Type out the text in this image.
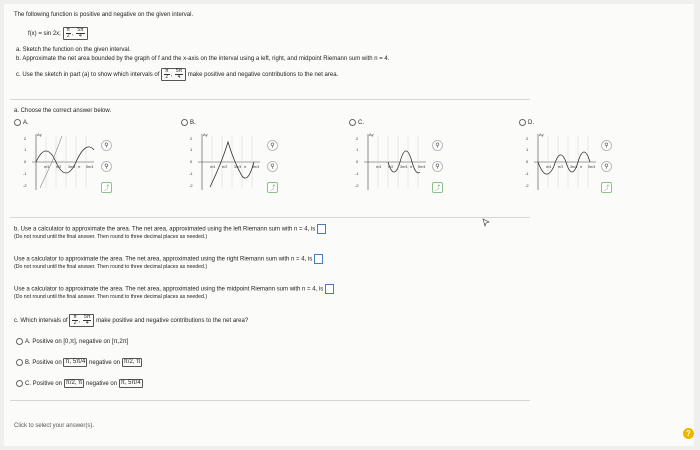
The following function is positive and negative on the given interval.
f(x) = sin 2x; $\frac{\pi}{2}$ , $\frac{5\pi}{4}$
a. Sketch the function on the given interval.
b. Approximate the net area bounded by the graph of f and the x-axis on the interval using a left, right, and midpoint Riemann sum with n = 4.
c. Use the sketch in part (a) to show which intervals of $\frac{\pi}{2}$ , $\frac{5\pi}{4}$ make positive and negative contributions to the net area.
a. Choose the correct answer below.
A.	B.	C.	D.
2
1
0
-1
-2
Ay
π/4 π/2 3π/4 π 5π/4
⚲
⚲
⤴
2
1
0
-1
-2
Ay
π/4 π/2 3π/4 π 5π/4
⚲
⚲
⤴
2
1
0
-1
-2
Ay
π/4 π/2 3π/4 π 5π/4
⚲
⚲
⤴
2
1
0
-1
-2
Ay
π/4 π/2 3π/4 π 5π/4
⚲
⚲
⤴
b. Use a calculator to approximate the area. The net area, approximated using the left Riemann sum with n = 4, is
(Do not round until the final answer. Then round to three decimal places as needed.)
Use a calculator to approximate the area. The net area, approximated using the right Riemann sum with n = 4, is
(Do not round until the final answer. Then round to three decimal places as needed.)
Use a calculator to approximate the area. The net area, approximated using the midpoint Riemann sum with n = 4, is
(Do not round until the final answer. Then round to three decimal places as needed.)
c. Which intervals of $\frac{\pi}{2}$ , $\frac{5\pi}{4}$ make positive and negative contributions to the net area?
A. Positive on [0,π], negative on [π,2π]
B. Positive on π, 5π/4 negative on π/2, π
C. Positive on π/2, π negative on π, 5π/4
Click to select your answer(s).
?
